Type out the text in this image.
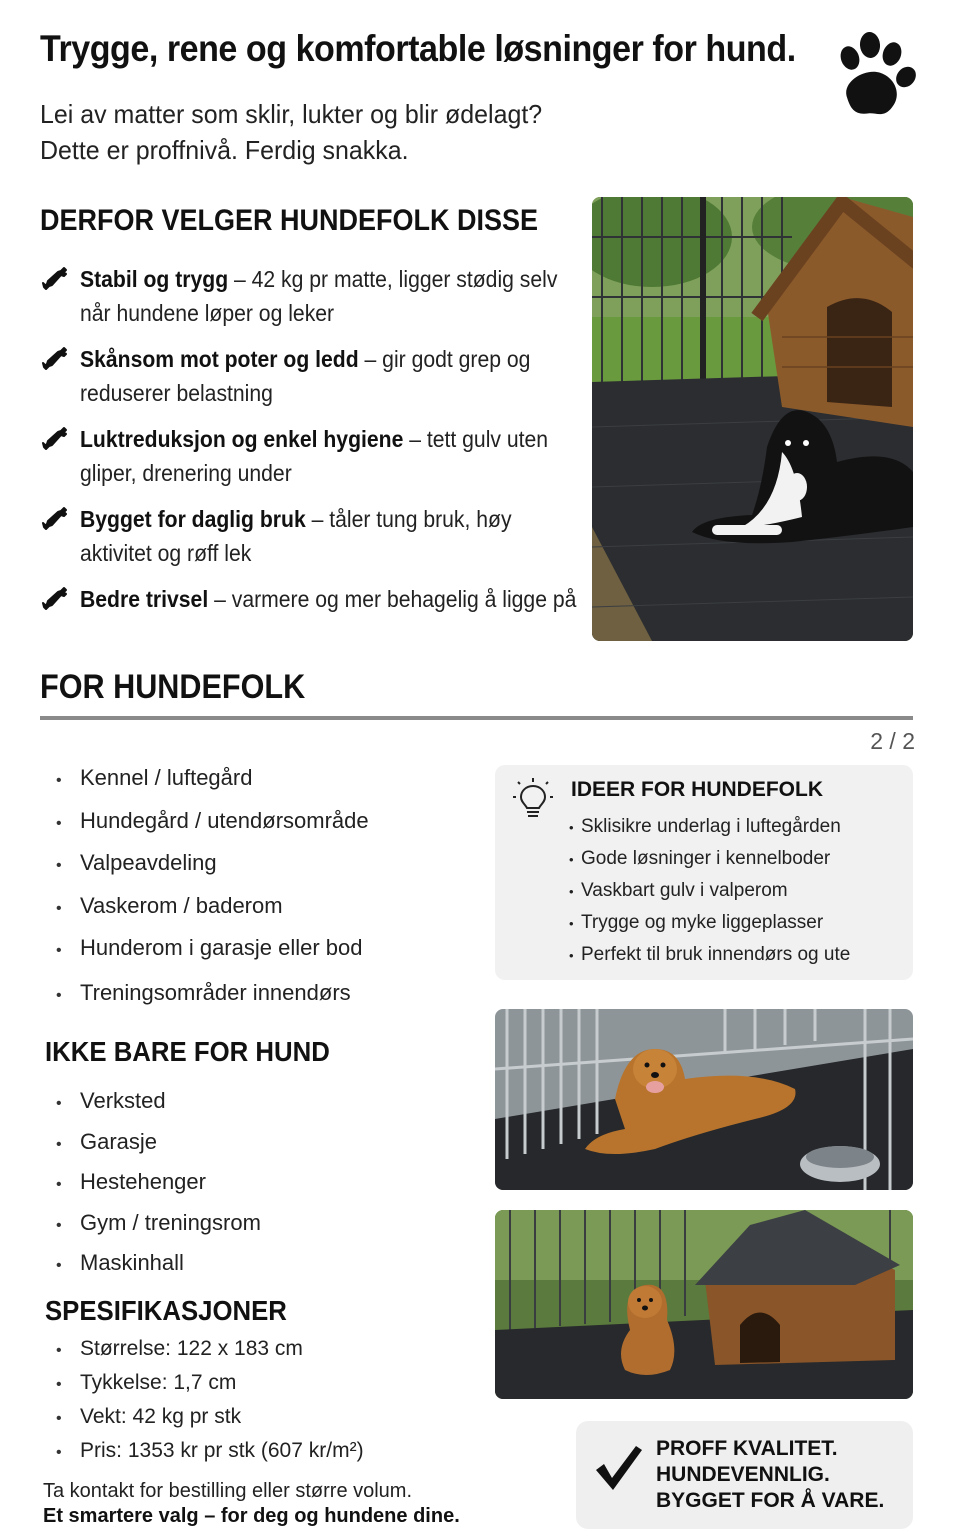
Trygge, rene og komfortable løsninger for hund.
Lei av matter som sklir, lukter og blir ødelagt?
Dette er proffnivå. Ferdig snakka.
DERFOR VELGER HUNDEFOLK DISSE
Stabil og trygg – 42 kg pr matte, ligger stødig selv når hundene løper og leker
Skånsom mot poter og ledd – gir godt grep og reduserer belastning
Luktreduksjon og enkel hygiene – tett gulv uten gliper, drenering under
Bygget for daglig bruk – tåler tung bruk, høy aktivitet og røff lek
Bedre trivsel – varmere og mer behagelig å ligge på
FOR HUNDEFOLK
2 / 2
• Kennel / luftegård
• Hundegård / utendørsområde
• Valpeavdeling
• Vaskerom / baderom
• Hunderom i garasje eller bod
• Treningsområder innendørs
IDEER FOR HUNDEFOLK
• Sklisikre underlag i luftegården
• Gode løsninger i kennelboder
• Vaskbart gulv i valperom
• Trygge og myke liggeplasser
• Perfekt til bruk innendørs og ute
IKKE BARE FOR HUND
• Verksted
• Garasje
• Hestehenger
• Gym / treningsrom
• Maskinhall
SPESIFIKASJONER
• Størrelse: 122 x 183 cm
• Tykkelse: 1,7 cm
• Vekt: 42 kg pr stk
• Pris: 1353 kr pr stk (607 kr/m²)
Ta kontakt for bestilling eller større volum.
Et smartere valg – for deg og hundene dine.
PROFF KVALITET.
HUNDEVENNLIG.
BYGGET FOR Å VARE.
